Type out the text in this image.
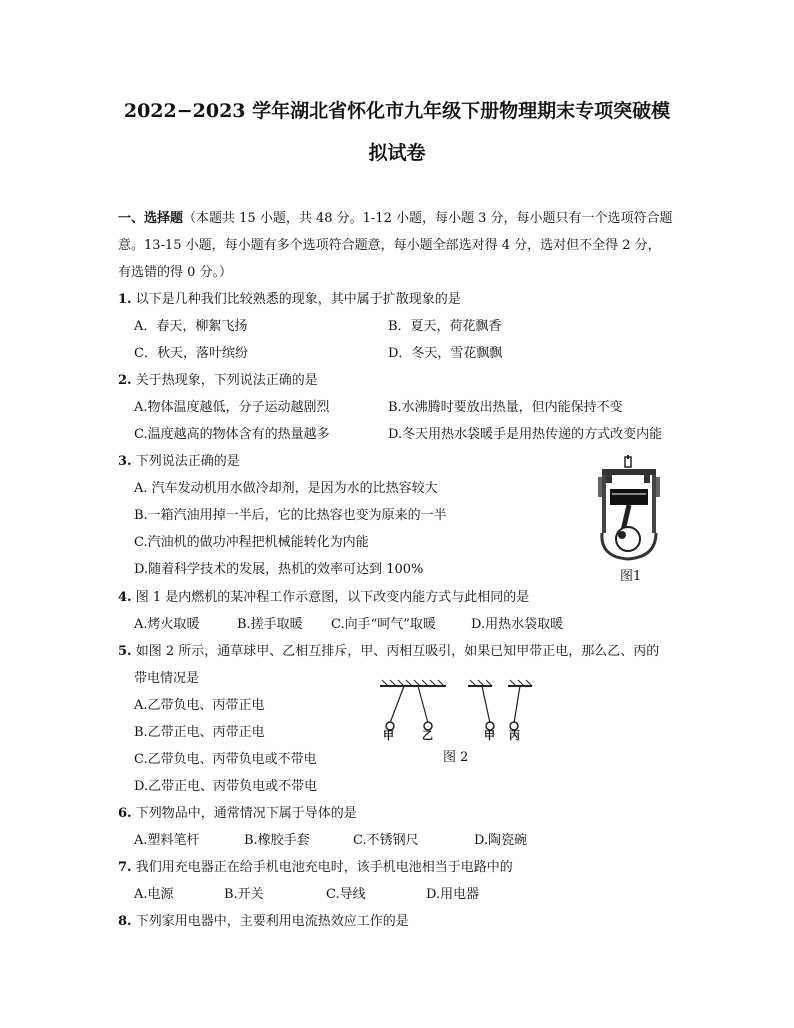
2022−2023 学年湖北省怀化市九年级下册物理期末专项突破模
拟试卷
一、选择题（本题共 15 小题，共 48 分。1-12 小题，每小题 3 分，每小题只有一个选项符合题
意。13-15 小题，每小题有多个选项符合题意，每小题全部选对得 4 分，选对但不全得 2 分，
有选错的得 0 分。）
1. 以下是几种我们比较熟悉的现象，其中属于扩散现象的是
A．春天，柳絮飞扬	B．夏天，荷花飘香
C．秋天，落叶缤纷	D．冬天，雪花飘飘
2. 关于热现象，下列说法正确的是
A.物体温度越低，分子运动越剧烈	B.水沸腾时要放出热量，但内能保持不变
C.温度越高的物体含有的热量越多	D.冬天用热水袋暖手是用热传递的方式改变内能
3. 下列说法正确的是
A. 汽车发动机用水做冷却剂，是因为水的比热容较大
B.一箱汽油用掉一半后，它的比热容也变为原来的一半
C.汽油机的做功冲程把机械能转化为内能
D.随着科学技术的发展，热机的效率可达到 100%	图1
4. 图 1 是内燃机的某冲程工作示意图，以下改变内能方式与此相同的是
A.烤火取暖	B.搓手取暖 C.向手“呵气”取暖	D.用热水袋取暖
5. 如图 2 所示，通草球甲、乙相互排斥，甲、丙相互吸引，如果已知甲带正电，那么乙、丙的
带电情况是
A.乙带负电、丙带正电
B.乙带正电、丙带正电
C.乙带负电、丙带负电或不带电
D.乙带正电、丙带负电或不带电
甲	乙	甲 丙
图 2
6. 下列物品中，通常情况下属于导体的是
A.塑料笔杆	B.橡胶手套	C.不锈钢尺	D.陶瓷碗
7. 我们用充电器正在给手机电池充电时，该手机电池相当于电路中的
A.电源	B.开关	C.导线	D.用电器
8. 下列家用电器中，主要利用电流热效应工作的是
